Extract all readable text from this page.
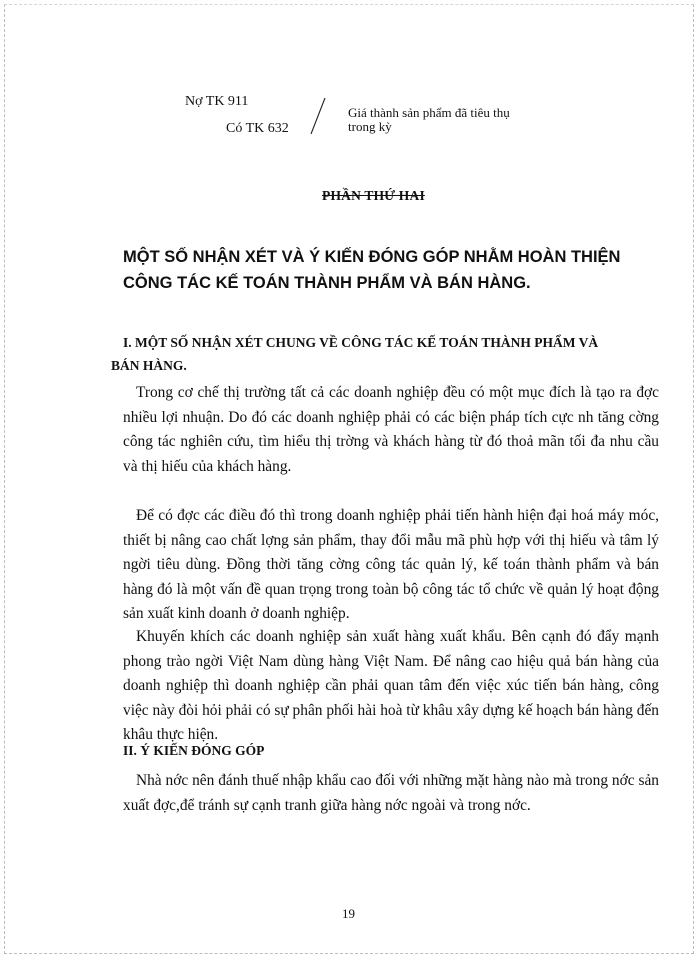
Nợ TK 911
Có TK 632
Giá thành sản phẩm đã tiêu thụ trong kỳ
PHẦN THỨ HAI
MỘT SỐ NHẬN XÉT VÀ Ý KIẾN ĐÓNG GÓP NHẰM HOÀN THIỆN CÔNG TÁC KẾ TOÁN THÀNH PHẨM VÀ BÁN HÀNG.
I. MỘT SỐ NHẬN XÉT CHUNG VỀ CÔNG TÁC KẾ TOÁN THÀNH PHẨM VÀ
BÁN HÀNG.

Trong cơ chế thị trường tất cả các doanh nghiệp đều có một mục đích là tạo ra đợc nhiều lợi nhuận. Do đó các doanh nghiệp phải có các biện pháp tích cực nh tăng cờng công tác nghiên cứu, tìm hiểu thị trờng và khách hàng từ đó thoả mãn tối đa nhu cầu và thị hiếu của khách hàng.

Để có đợc các điều đó thì trong doanh nghiệp phải tiến hành hiện đại hoá máy móc, thiết bị nâng cao chất lợng sản phẩm, thay đổi mẫu mã phù hợp với thị hiếu và tâm lý ngời tiêu dùng. Đồng thời tăng cờng công tác quản lý, kế toán thành phẩm và bán hàng đó là một vấn đề quan trọng trong toàn bộ công tác tổ chức về quản lý hoạt động sản xuất kinh doanh ở doanh nghiệp.

Khuyến khích các doanh nghiệp sản xuất hàng xuất khẩu. Bên cạnh đó đẩy mạnh phong trào ngời Việt Nam dùng hàng Việt Nam. Để nâng cao hiệu quả bán hàng của doanh nghiệp thì doanh nghiệp cần phải quan tâm đến việc xúc tiến bán hàng, công việc này đòi hỏi phải có sự phân phối hài hoà từ khâu xây dựng kế hoạch bán hàng đến khâu thực hiện.

II. Ý KIẾN ĐÓNG GÓP

Nhà nớc nên đánh thuế nhập khẩu cao đối với những mặt hàng nào mà trong nớc sản xuất đợc,để tránh sự cạnh tranh giữa hàng nớc ngoài và trong nớc.

19
